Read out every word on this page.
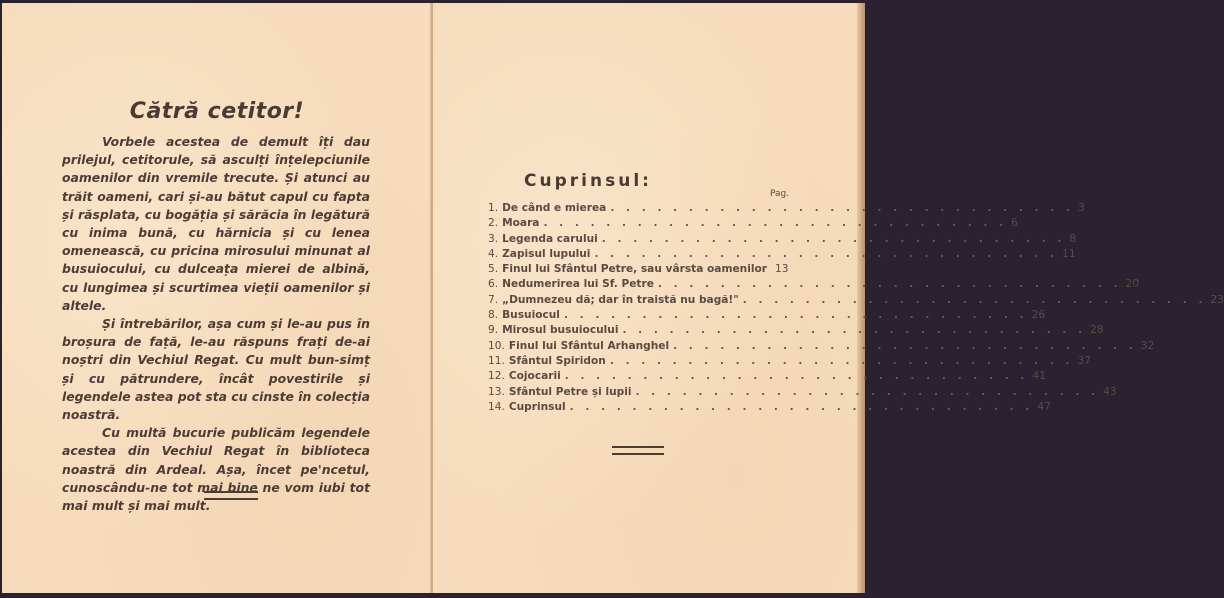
Cătră cetitor!

Vorbele acestea de demult îți dau prilejul, cetitorule, să asculți înțelepciunile oamenilor din vremile trecute. Și atunci au trăit oameni, cari și-au bătut capul cu fapta și răsplata, cu bogăția și sărăcia în legătură cu inima bună, cu hărnicia și cu lenea omenească, cu pricina mirosului minunat al busuiocului, cu dulceața mierei de albină, cu lungimea și scurtimea vieții oamenilor și altele.

Și întrebărilor, așa cum și le-au pus în broșura de față, le-au răspuns frați de-ai noștri din Vechiul Regat. Cu mult bun-simț și cu pătrundere, încât povestirile și legendele astea pot sta cu cinste în colecția noastră.

Cu multă bucurie publicăm legendele acestea din Vechiul Regat în biblioteca noastră din Ardeal. Așa, încet pe'ncetul, cunoscându-ne tot mai bine ne vom iubi tot mai mult și mai mult.

Cuprinsul:
Pag.
1. De când e mierea . . . . . . . . . . . . . . . . . . . . . . . . . . . . . . 3
2. Moara . . . . . . . . . . . . . . . . . . . . . . . . . . . . . . 6
3. Legenda carului . . . . . . . . . . . . . . . . . . . . . . . . . . . . . . 8
4. Zapisul lupului . . . . . . . . . . . . . . . . . . . . . . . . . . . . . . 11
5. Finul lui Sfântul Petre, sau vârsta oamenilor 13
6. Nedumerirea lui Sf. Petre . . . . . . . . . . . . . . . . . . . . . . . . . . . . . . 20
7. „Dumnezeu dă; dar în traistă nu bagă!" . . . . . . . . . . . . . . . . . . . . . . . . . . . . . . 23
8. Busuiocul . . . . . . . . . . . . . . . . . . . . . . . . . . . . . . 26
9. Mirosul busuiocului . . . . . . . . . . . . . . . . . . . . . . . . . . . . . . 28
10. Finul lui Sfântul Arhanghel . . . . . . . . . . . . . . . . . . . . . . . . . . . . . . 32
11. Sfântul Spiridon . . . . . . . . . . . . . . . . . . . . . . . . . . . . . . 37
12. Cojocarii . . . . . . . . . . . . . . . . . . . . . . . . . . . . . . 41
13. Sfântul Petre și lupii . . . . . . . . . . . . . . . . . . . . . . . . . . . . . . 43
14. Cuprinsul . . . . . . . . . . . . . . . . . . . . . . . . . . . . . . 47
